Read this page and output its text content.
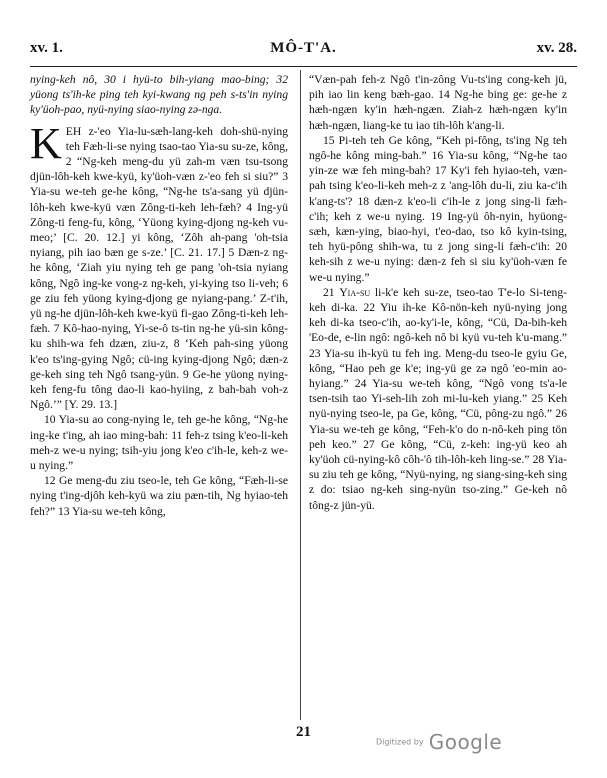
xv. 1.	MÔ-T'A.	xv. 28.

nying-keh nô, 30 i hyü-to bih-yiang mao-bing; 32 yüong ts'ih-ke ping teh kyi-kwang ng peh s-ts'in nying ky'üoh-pao, nyü-nying siao-nying zə-nga.

KEH z-'eo Yia-lu-sæh-lang-keh doh-shü-nying teh Fæh-li-se nying tsao-tao Yia-su su-ze, kông, 2 “Ng-keh meng-du yü zah-m væn tsu-tsong djün-lôh-keh kwe-kyü, ky'üoh-væn z-'eo feh si siu?” 3 Yia-su we-teh ge-he kông, “Ng-he ts'a-sang yü djün-lôh-keh kwe-kyü væn Zông-ti-keh leh-fæh? 4 Ing-yü Zông-ti feng-fu, kông, ‘Yüong kying-djong ng-keh vu-meo;’ [C. 20. 12.] yi kông, ‘Zôh ah-pang 'oh-tsia nyiang, pih iao bæn ge s-ze.’ [C. 21. 17.] 5 Dæn-z ng-he kông, ‘Ziah yiu nying teh ge pang 'oh-tsia nyiang kông, Ngô ing-ke vong-z ng-keh, yi-kying tso li-veh; 6 ge ziu feh yüong kying-djong ge nyiang-pang.’ Z-t'ih, yü ng-he djün-lôh-keh kwe-kyü fi-gao Zông-ti-keh leh-fæh. 7 Kô-hao-nying, Yi-se-ô ts-tin ng-he yü-sin kông-ku shih-wa feh dzæn, ziu-z, 8 ‘Keh pah-sing yüong k'eo ts'ing-gying Ngô; cü-ing kying-djong Ngô; dæn-z ge-keh sing teh Ngô tsang-yün. 9 Ge-he yüong nying-keh feng-fu tông dao-li kao-hyiing, z bah-bah voh-z Ngô.’” [Y. 29. 13.]

10 Yia-su ao cong-nying le, teh ge-he kông, “Ng-he ing-ke t'ing, ah iao ming-bah: 11 feh-z tsing k'eo-li-keh meh-z we-u nying; tsih-yiu jong k'eo c'ih-le, keh-z we-u nying.”

12 Ge meng-du ziu tseo-le, teh Ge kông, “Fæh-li-se nying t'ing-djôh keh-kyü wa ziu pæn-tih, Ng hyiao-teh feh?” 13 Yia-su we-teh kông,

“Væn-pah feh-z Ngô t'in-zông Vu-ts'ing cong-keh jü, pih iao lin keng bæh-gao. 14 Ng-he bing ge: ge-he z hæh-ngæn ky'in hæh-ngæn. Ziah-z hæh-ngæn ky'in hæh-ngæn, liang-ke tu iao tih-lôh k'ang-li.

15 Pi-teh teh Ge kông, “Keh pi-fông, ts'ing Ng teh ngô-he kông ming-bah.” 16 Yia-su kông, “Ng-he tao yin-ze wæ feh ming-bah? 17 Ky'i feh hyiao-teh, væn-pah tsing k'eo-li-keh meh-z z 'ang-lôh du-li, ziu ka-c'ih k'ang-ts'? 18 dæn-z k'eo-li c'ih-le z jong sing-li fæh-c'ih; keh z we-u nying. 19 Ing-yü ôh-nyin, hyüong-sæh, kæn-ying, biao-hyi, t'eo-dao, tso kô kyin-tsing, teh hyü-pông shih-wa, tu z jong sing-li fæh-c'ih: 20 keh-sih z we-u nying: dæn-z feh si siu ky'üoh-væn fe we-u nying.”

21 Yia-su li-k'e keh su-ze, tseo-tao T'e-lo Si-teng-keh di-ka. 22 Yiu ih-ke Kô-nön-keh nyü-nying jong keh di-ka tseo-c'ih, ao-ky'i-le, kông, “Cü, Da-bih-keh 'Eo-de, e-lin ngô: ngô-keh nô bi kyü vu-teh k'u-mang.” 23 Yia-su ih-kyü tu feh ing. Meng-du tseo-le gyiu Ge, kông, “Hao peh ge k'e; ing-yü ge zə ngô 'eo-min ao-hyiang.” 24 Yia-su we-teh kông, “Ngô vong ts'a-le tsen-tsih tao Yi-seh-lih zoh mi-lu-keh yiang.” 25 Keh nyü-nying tseo-le, pa Ge, kông, “Cü, pông-zu ngô.” 26 Yia-su we-teh ge kông, “Feh-k'o do n-nô-keh ping tön peh keo.” 27 Ge kông, “Cü, z-keh: ing-yü keo ah ky'üoh cü-nying-kô côh-'ô tih-lôh-keh ling-se.” 28 Yia-su ziu teh ge kông, “Nyü-nying, ng siang-sing-keh sing z do: tsiao ng-keh sing-nyün tso-zing.” Ge-keh nô tông-z jün-yü.

21
Digitized by Google
